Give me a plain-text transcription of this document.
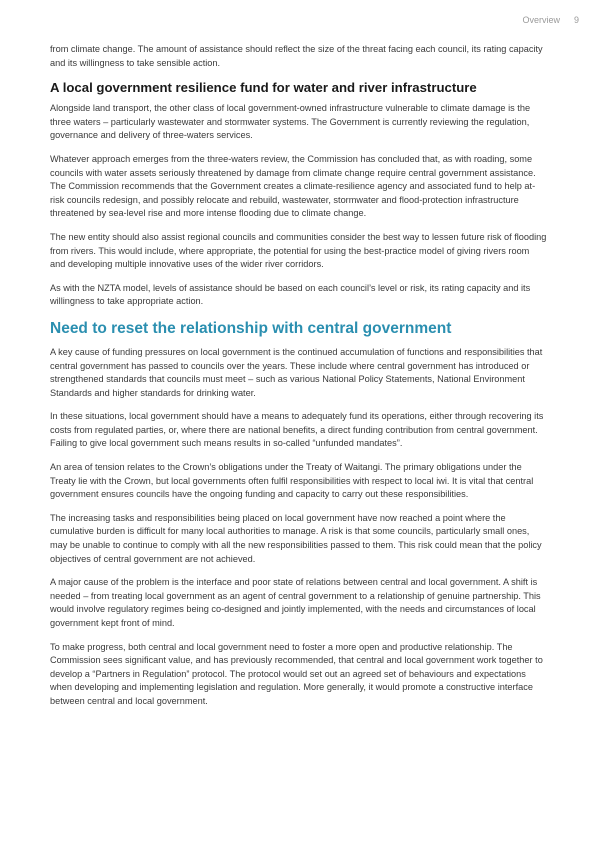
Overview 9

from climate change. The amount of assistance should reflect the size of the threat facing each council, its rating capacity and its willingness to take sensible action.

A local government resilience fund for water and river infrastructure

Alongside land transport, the other class of local government-owned infrastructure vulnerable to climate damage is the three waters – particularly wastewater and stormwater systems. The Government is currently reviewing the regulation, governance and delivery of three-waters services.

Whatever approach emerges from the three-waters review, the Commission has concluded that, as with roading, some councils with water assets seriously threatened by damage from climate change require central government assistance. The Commission recommends that the Government creates a climate-resilience agency and associated fund to help at-risk councils redesign, and possibly relocate and rebuild, wastewater, stormwater and flood-protection infrastructure threatened by sea-level rise and more intense flooding due to climate change.

The new entity should also assist regional councils and communities consider the best way to lessen future risk of flooding from rivers. This would include, where appropriate, the potential for using the best-practice model of giving rivers room and developing multiple innovative uses of the wider river corridors.

As with the NZTA model, levels of assistance should be based on each council’s level or risk, its rating capacity and its willingness to take appropriate action.

Need to reset the relationship with central government

A key cause of funding pressures on local government is the continued accumulation of functions and responsibilities that central government has passed to councils over the years. These include where central government has introduced or strengthened standards that councils must meet – such as various National Policy Statements, National Environment Standards and higher standards for drinking water.

In these situations, local government should have a means to adequately fund its operations, either through recovering its costs from regulated parties, or, where there are national benefits, a direct funding contribution from central government. Failing to give local government such means results in so-called “unfunded mandates”.

An area of tension relates to the Crown’s obligations under the Treaty of Waitangi. The primary obligations under the Treaty lie with the Crown, but local governments often fulfil responsibilities with respect to local iwi. It is vital that central government ensures councils have the ongoing funding and capacity to carry out these responsibilities.

The increasing tasks and responsibilities being placed on local government have now reached a point where the cumulative burden is difficult for many local authorities to manage. A risk is that some councils, particularly small ones, may be unable to continue to comply with all the new responsibilities passed to them. This risk could mean that the policy objectives of central government are not achieved.

A major cause of the problem is the interface and poor state of relations between central and local government. A shift is needed – from treating local government as an agent of central government to a relationship of genuine partnership. This would involve regulatory regimes being co-designed and jointly implemented, with the needs and circumstances of local government kept front of mind.

To make progress, both central and local government need to foster a more open and productive relationship. The Commission sees significant value, and has previously recommended, that central and local government work together to develop a “Partners in Regulation” protocol. The protocol would set out an agreed set of behaviours and expectations when developing and implementing legislation and regulation. More generally, it would promote a constructive interface between central and local government.
